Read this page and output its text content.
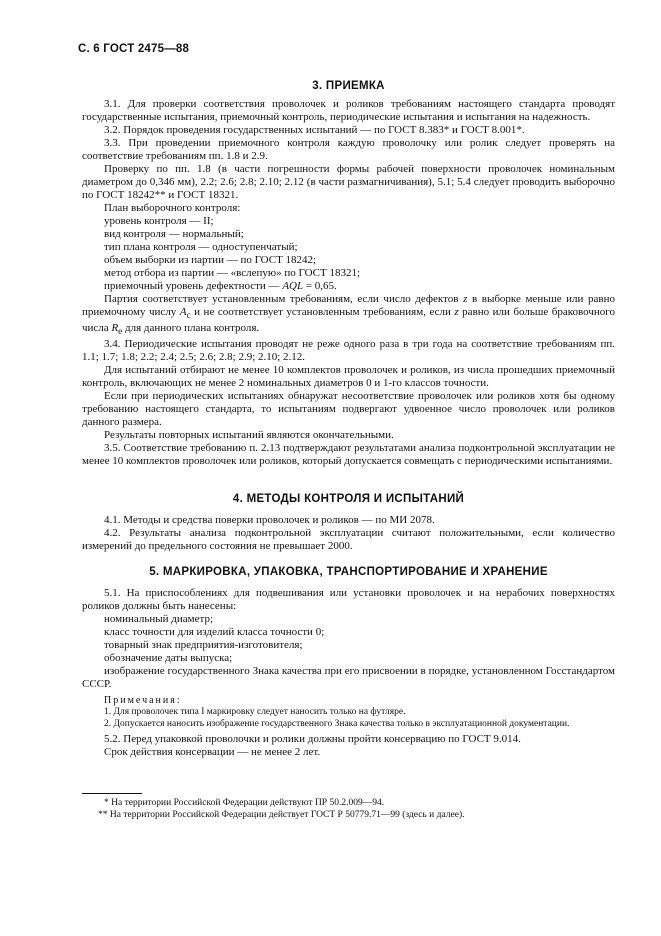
С. 6 ГОСТ 2475—88
3. ПРИЕМКА

3.1. Для проверки соответствия проволочек и роликов требованиям настоящего стандарта проводят государственные испытания, приемочный контроль, периодические испытания и испытания на надежность.

3.2. Порядок проведения государственных испытаний — по ГОСТ 8.383* и ГОСТ 8.001*.

3.3. При проведении приемочного контроля каждую проволочку или ролик следует проверять на соответствие требованиям пп. 1.8 и 2.9.

Проверку по пп. 1.8 (в части погрешности формы рабочей поверхности проволочек номинальным диаметром до 0,346 мм), 2.2; 2.6; 2.8; 2.10; 2.12 (в части размагничивания), 5.1; 5.4 следует проводить выборочно по ГОСТ 18242** и ГОСТ 18321.

План выборочного контроля:

уровень контроля — II;

вид контроля — нормальный;

тип плана контроля — одноступенчатый;

объем выборки из партии — по ГОСТ 18242;

метод отбора из партии — «вслепую» по ГОСТ 18321;

приемочный уровень дефектности — AQL = 0,65.

Партия соответствует установленным требованиям, если число дефектов z в выборке меньше или равно приемочному числу $A_c$ и не соответствует установленным требованиям, если z равно или больше браковочного числа $R_e$ для данного плана контроля.

3.4. Периодические испытания проводят не реже одного раза в три года на соответствие требованиям пп. 1.1; 1.7; 1.8; 2.2; 2.4; 2.5; 2.6; 2.8; 2.9; 2.10; 2.12.

Для испытаний отбирают не менее 10 комплектов проволочек и роликов, из числа прошедших приемочный контроль, включающих не менее 2 номинальных диаметров 0 и 1-го классов точности.

Если при периодических испытаниях обнаружат несоответствие проволочек или роликов хотя бы одному требованию настоящего стандарта, то испытаниям подвергают удвоенное число проволочек или роликов данного размера.

Результаты повторных испытаний являются окончательными.

3.5. Соответствие требованию п. 2.13 подтверждают результатами анализа подконтрольной эксплуатации не менее 10 комплектов проволочек или роликов, который допускается совмещать с периодическими испытаниями.

4. МЕТОДЫ КОНТРОЛЯ И ИСПЫТАНИЙ

4.1. Методы и средства поверки проволочек и роликов — по МИ 2078.

4.2. Результаты анализа подконтрольной эксплуатации считают положительными, если количество измерений до предельного состояния не превышает 2000.

5. МАРКИРОВКА, УПАКОВКА, ТРАНСПОРТИРОВАНИЕ И ХРАНЕНИЕ

5.1. На приспособлениях для подвешивания или установки проволочек и на нерабочих поверхностях роликов должны быть нанесены:

номинальный диаметр;

класс точности для изделий класса точности 0;

товарный знак предприятия-изготовителя;

обозначение даты выпуска;

изображение государственного Знака качества при его присвоении в порядке, установленном Госстандартом СССР.

Примечания:

1. Для проволочек типа I маркировку следует наносить только на футляре.

2. Допускается наносить изображение государственного Знака качества только в эксплуатационной документации.

5.2. Перед упаковкой проволочки и ролики должны пройти консервацию по ГОСТ 9.014.

Срок действия консервации — не менее 2 лет.

* На территории Российской Федерации действуют ПР 50.2.009—94.
** На территории Российской Федерации действует ГОСТ Р 50779.71—99 (здесь и далее).
